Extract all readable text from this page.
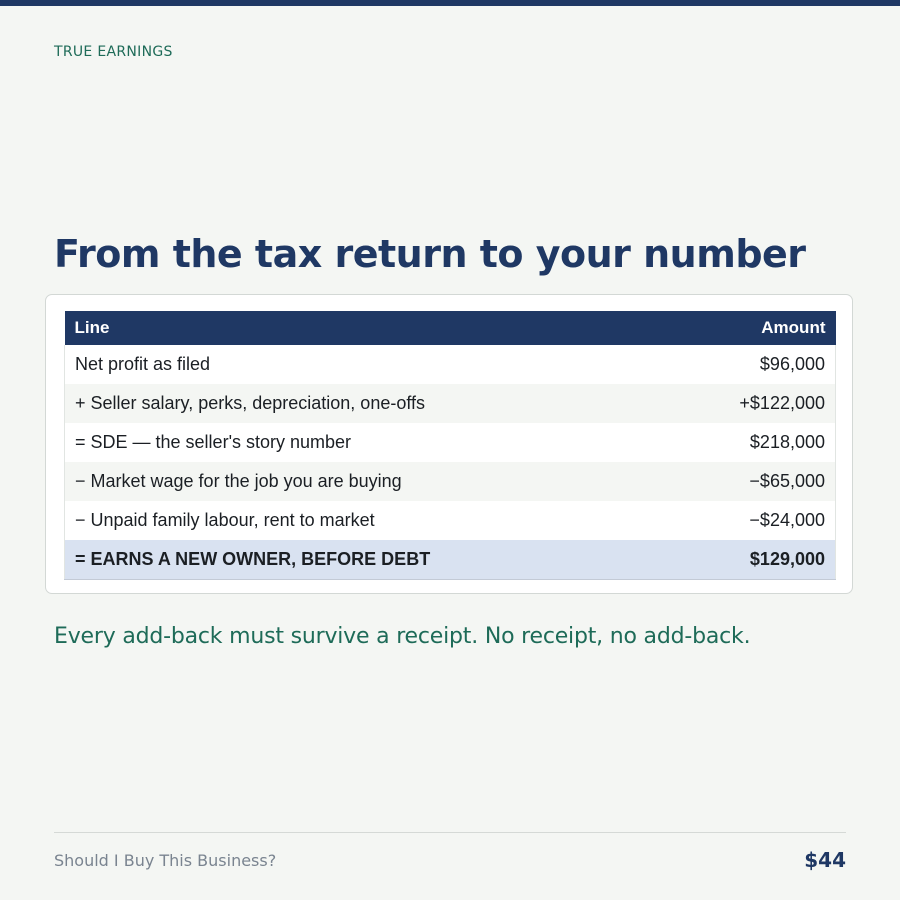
TRUE EARNINGS
From the tax return to your number
Line	Amount
Net profit as filed	$96,000
+ Seller salary, perks, depreciation, one-offs	+$122,000
= SDE — the seller's story number	$218,000
− Market wage for the job you are buying	−$65,000
− Unpaid family labour, rent to market	−$24,000
= EARNS A NEW OWNER, BEFORE DEBT	$129,000
Every add-back must survive a receipt. No receipt, no add-back.
Should I Buy This Business?	$44
